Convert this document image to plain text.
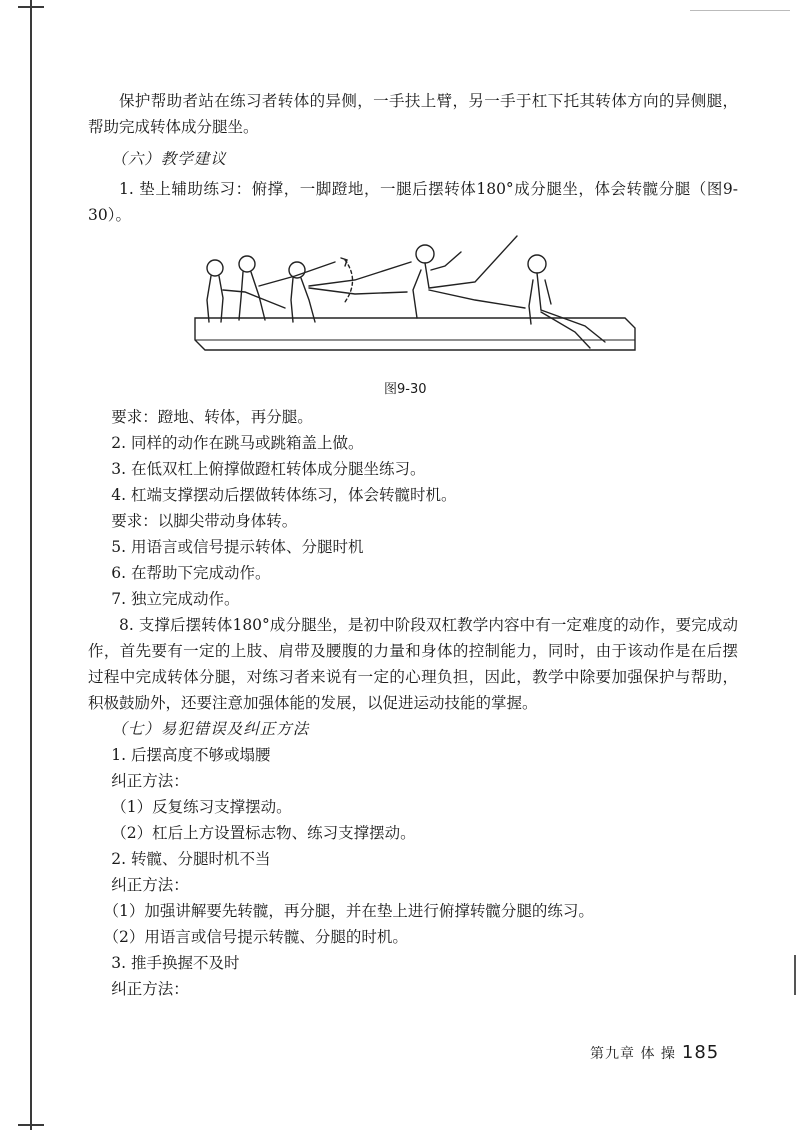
保护帮助者站在练习者转体的异侧，一手扶上臂，另一手于杠下托其转体方向的异侧腿，帮助完成转体成分腿坐。

（六）教学建议

1. 垫上辅助练习：俯撑，一脚蹬地，一腿后摆转体180°成分腿坐，体会转髋分腿（图9-30）。

图9-30

要求：蹬地、转体，再分腿。

2. 同样的动作在跳马或跳箱盖上做。

3. 在低双杠上俯撑做蹬杠转体成分腿坐练习。

4. 杠端支撑摆动后摆做转体练习，体会转髋时机。

要求：以脚尖带动身体转。

5. 用语言或信号提示转体、分腿时机

6. 在帮助下完成动作。

7. 独立完成动作。

8. 支撑后摆转体180°成分腿坐，是初中阶段双杠教学内容中有一定难度的动作，要完成动作，首先要有一定的上肢、肩带及腰腹的力量和身体的控制能力，同时，由于该动作是在后摆过程中完成转体分腿，对练习者来说有一定的心理负担，因此，教学中除要加强保护与帮助，积极鼓励外，还要注意加强体能的发展，以促进运动技能的掌握。

（七）易犯错误及纠正方法

1. 后摆高度不够或塌腰

纠正方法：

（1）反复练习支撑摆动。

（2）杠后上方设置标志物、练习支撑摆动。

2. 转髋、分腿时机不当

纠正方法：

（1）加强讲解要先转髋，再分腿，并在垫上进行俯撑转髋分腿的练习。

（2）用语言或信号提示转髋、分腿的时机。

3. 推手换握不及时

纠正方法：

第九章 体 操 185
